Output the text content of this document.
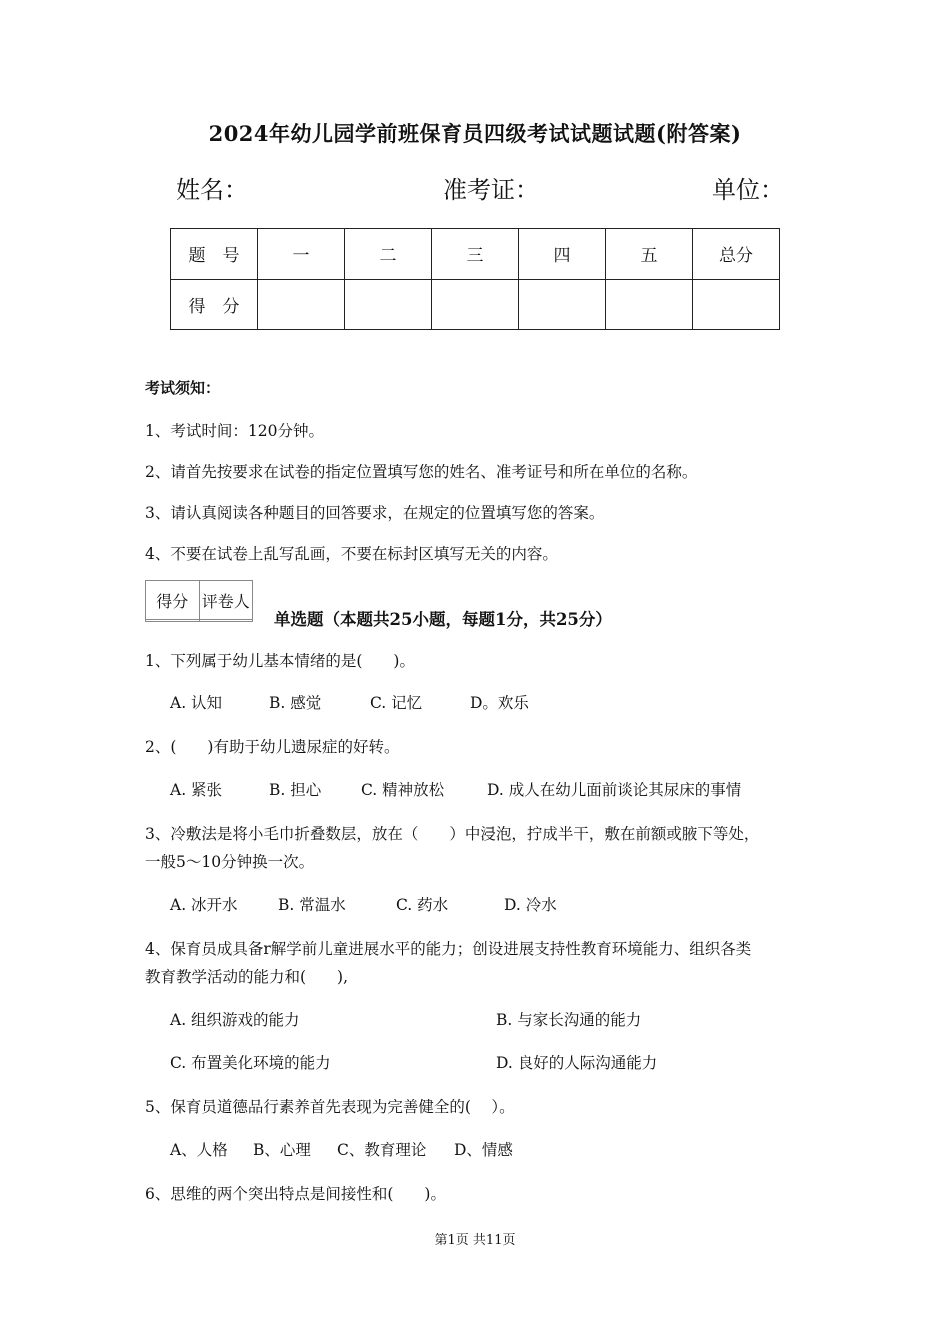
2024年幼儿园学前班保育员四级考试试题试题(附答案)
姓名：	准考证：	单位：
题　号	一	二	三	四	五	总分
得　分						
考试须知：
1、考试时间：120分钟。
2、请首先按要求在试卷的指定位置填写您的姓名、准考证号和所在单位的名称。
3、请认真阅读各种题目的回答要求，在规定的位置填写您的答案。
4、不要在试卷上乱写乱画，不要在标封区填写无关的内容。
得分	评卷人

单选题（本题共25小题，每题1分，共25分）
1、下列属于幼儿基本情绪的是(　　)。
A. 认知	B. 感觉	C. 记忆	D。欢乐
2、(　　)有助于幼儿遗尿症的好转。
A. 紧张	B. 担心	C. 精神放松	D. 成人在幼儿面前谈论其尿床的事情
3、冷敷法是将小毛巾折叠数层，放在（　　）中浸泡，拧成半干，敷在前额或腋下等处，
一般5～10分钟换一次。
A. 冰开水	B. 常温水	C. 药水	D. 冷水
4、保育员成具备r解学前儿童进展水平的能力；创设进展支持性教育环境能力、组织各类
教育教学活动的能力和(　　),
A. 组织游戏的能力	B. 与家长沟通的能力
C. 布置美化环境的能力	D. 良好的人际沟通能力
5、保育员道德品行素养首先表现为完善健全的(　 ）。
A、人格 B、心理 C、教育理论 D、情感
6、思维的两个突出特点是间接性和(　　)。
第1页 共11页
